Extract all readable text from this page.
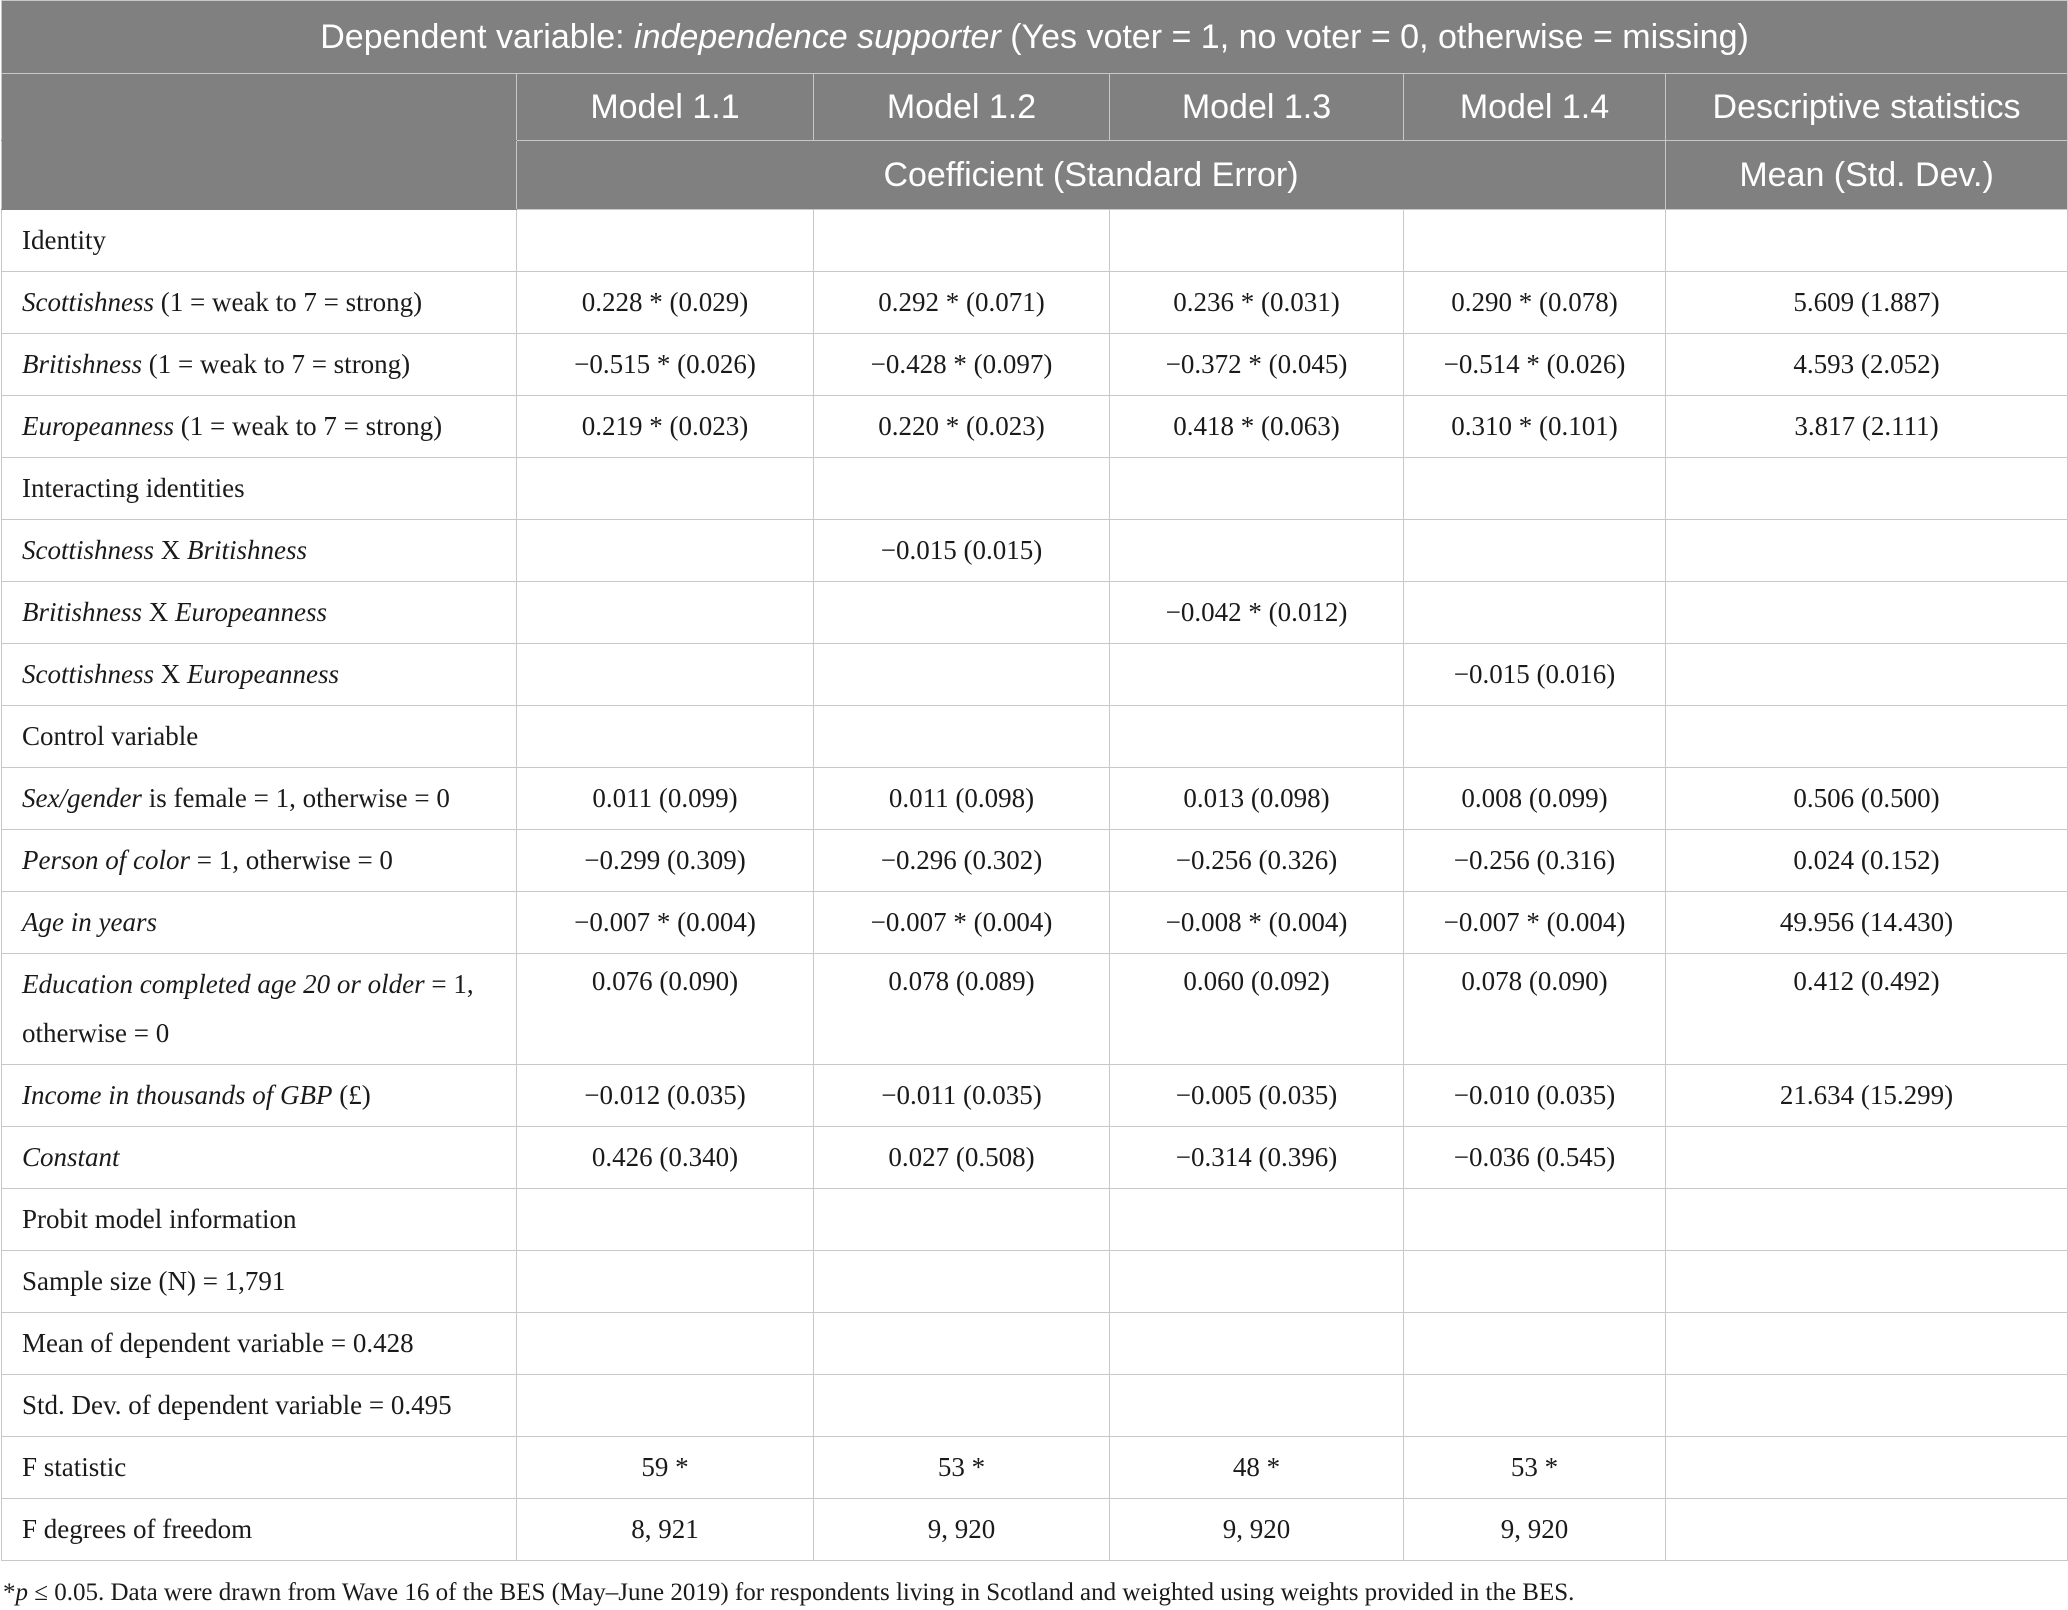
Dependent variable: independence supporter (Yes voter = 1, no voter = 0, otherwise = missing)					
	Model 1.1	Model 1.2	Model 1.3	Model 1.4	Descriptive statistics
	Coefficient (Standard Error)				Mean (Std. Dev.)
Identity					
Scottishness (1 = weak to 7 = strong)	0.228 * (0.029)	0.292 * (0.071)	0.236 * (0.031)	0.290 * (0.078)	5.609 (1.887)
Britishness (1 = weak to 7 = strong)	−0.515 * (0.026)	−0.428 * (0.097)	−0.372 * (0.045)	−0.514 * (0.026)	4.593 (2.052)
Europeanness (1 = weak to 7 = strong)	0.219 * (0.023)	0.220 * (0.023)	0.418 * (0.063)	0.310 * (0.101)	3.817 (2.111)
Interacting identities					
Scottishness X Britishness		−0.015 (0.015)			
Britishness X Europeanness			−0.042 * (0.012)		
Scottishness X Europeanness				−0.015 (0.016)	
Control variable					
Sex/gender is female = 1, otherwise = 0	0.011 (0.099)	0.011 (0.098)	0.013 (0.098)	0.008 (0.099)	0.506 (0.500)
Person of color = 1, otherwise = 0	−0.299 (0.309)	−0.296 (0.302)	−0.256 (0.326)	−0.256 (0.316)	0.024 (0.152)
Age in years	−0.007 * (0.004)	−0.007 * (0.004)	−0.008 * (0.004)	−0.007 * (0.004)	49.956 (14.430)
Education completed age 20 or older = 1, otherwise = 0	0.076 (0.090)	0.078 (0.089)	0.060 (0.092)	0.078 (0.090)	0.412 (0.492)
Income in thousands of GBP (£)	−0.012 (0.035)	−0.011 (0.035)	−0.005 (0.035)	−0.010 (0.035)	21.634 (15.299)
Constant	0.426 (0.340)	0.027 (0.508)	−0.314 (0.396)	−0.036 (0.545)	
Probit model information					
Sample size (N) = 1,791					
Mean of dependent variable = 0.428					
Std. Dev. of dependent variable = 0.495					
F statistic	59 *	53 *	48 *	53 *	
F degrees of freedom	8, 921	9, 920	9, 920	9, 920	
*p ≤ 0.05. Data were drawn from Wave 16 of the BES (May–June 2019) for respondents living in Scotland and weighted using weights provided in the BES.
